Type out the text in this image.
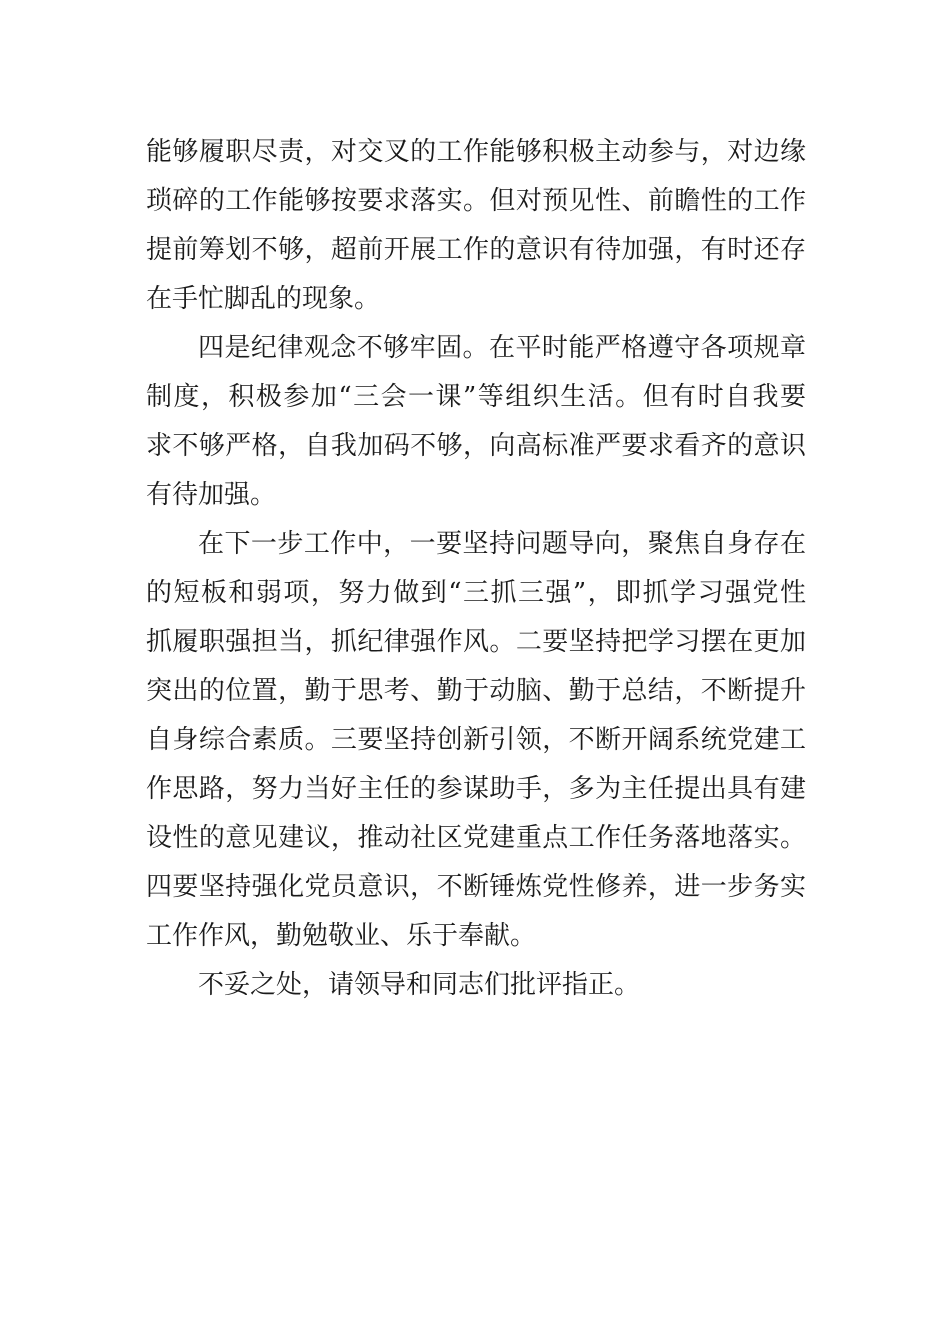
能够履职尽责，对交叉的工作能够积极主动参与，对边缘
琐碎的工作能够按要求落实。但对预见性、前瞻性的工作
提前筹划不够，超前开展工作的意识有待加强，有时还存
在手忙脚乱的现象。

四是纪律观念不够牢固。在平时能严格遵守各项规章
制度，积极参加“三会一课”等组织生活。但有时自我要
求不够严格，自我加码不够，向高标准严要求看齐的意识
有待加强。

在下一步工作中，一要坚持问题导向，聚焦自身存在
的短板和弱项，努力做到“三抓三强”，即抓学习强党性
抓履职强担当，抓纪律强作风。二要坚持把学习摆在更加
突出的位置，勤于思考、勤于动脑、勤于总结，不断提升
自身综合素质。三要坚持创新引领，不断开阔系统党建工
作思路，努力当好主任的参谋助手，多为主任提出具有建
设性的意见建议，推动社区党建重点工作任务落地落实。
四要坚持强化党员意识，不断锤炼党性修养，进一步务实
工作作风，勤勉敬业、乐于奉献。

不妥之处，请领导和同志们批评指正。
